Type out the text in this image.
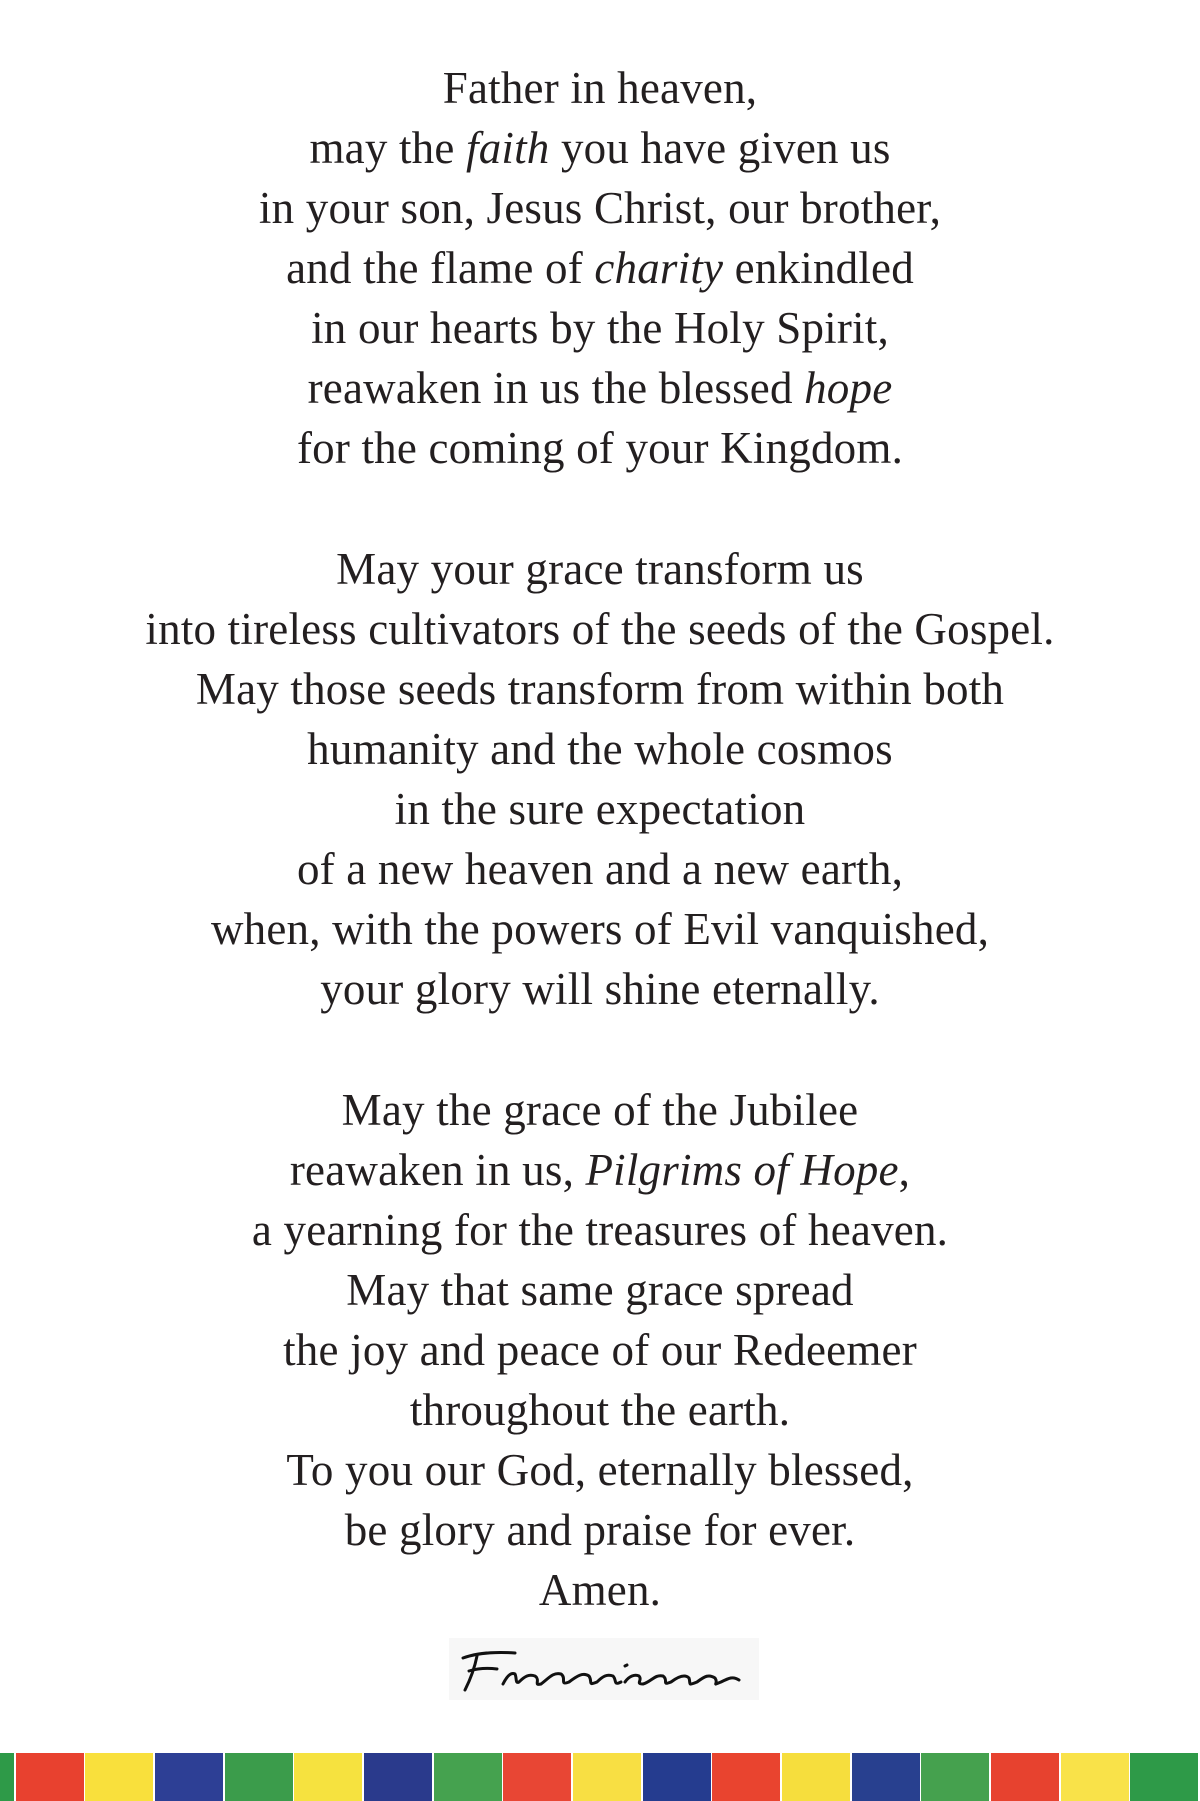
Father in heaven,
may the faith you have given us
in your son, Jesus Christ, our brother,
and the flame of charity enkindled
in our hearts by the Holy Spirit,
reawaken in us the blessed hope
for the coming of your Kingdom.
May your grace transform us
into tireless cultivators of the seeds of the Gospel.
May those seeds transform from within both
humanity and the whole cosmos
in the sure expectation
of a new heaven and a new earth,
when, with the powers of Evil vanquished,
your glory will shine eternally.
May the grace of the Jubilee
reawaken in us, Pilgrims of Hope,
a yearning for the treasures of heaven.
May that same grace spread
the joy and peace of our Redeemer
throughout the earth.
To you our God, eternally blessed,
be glory and praise for ever.
Amen.
